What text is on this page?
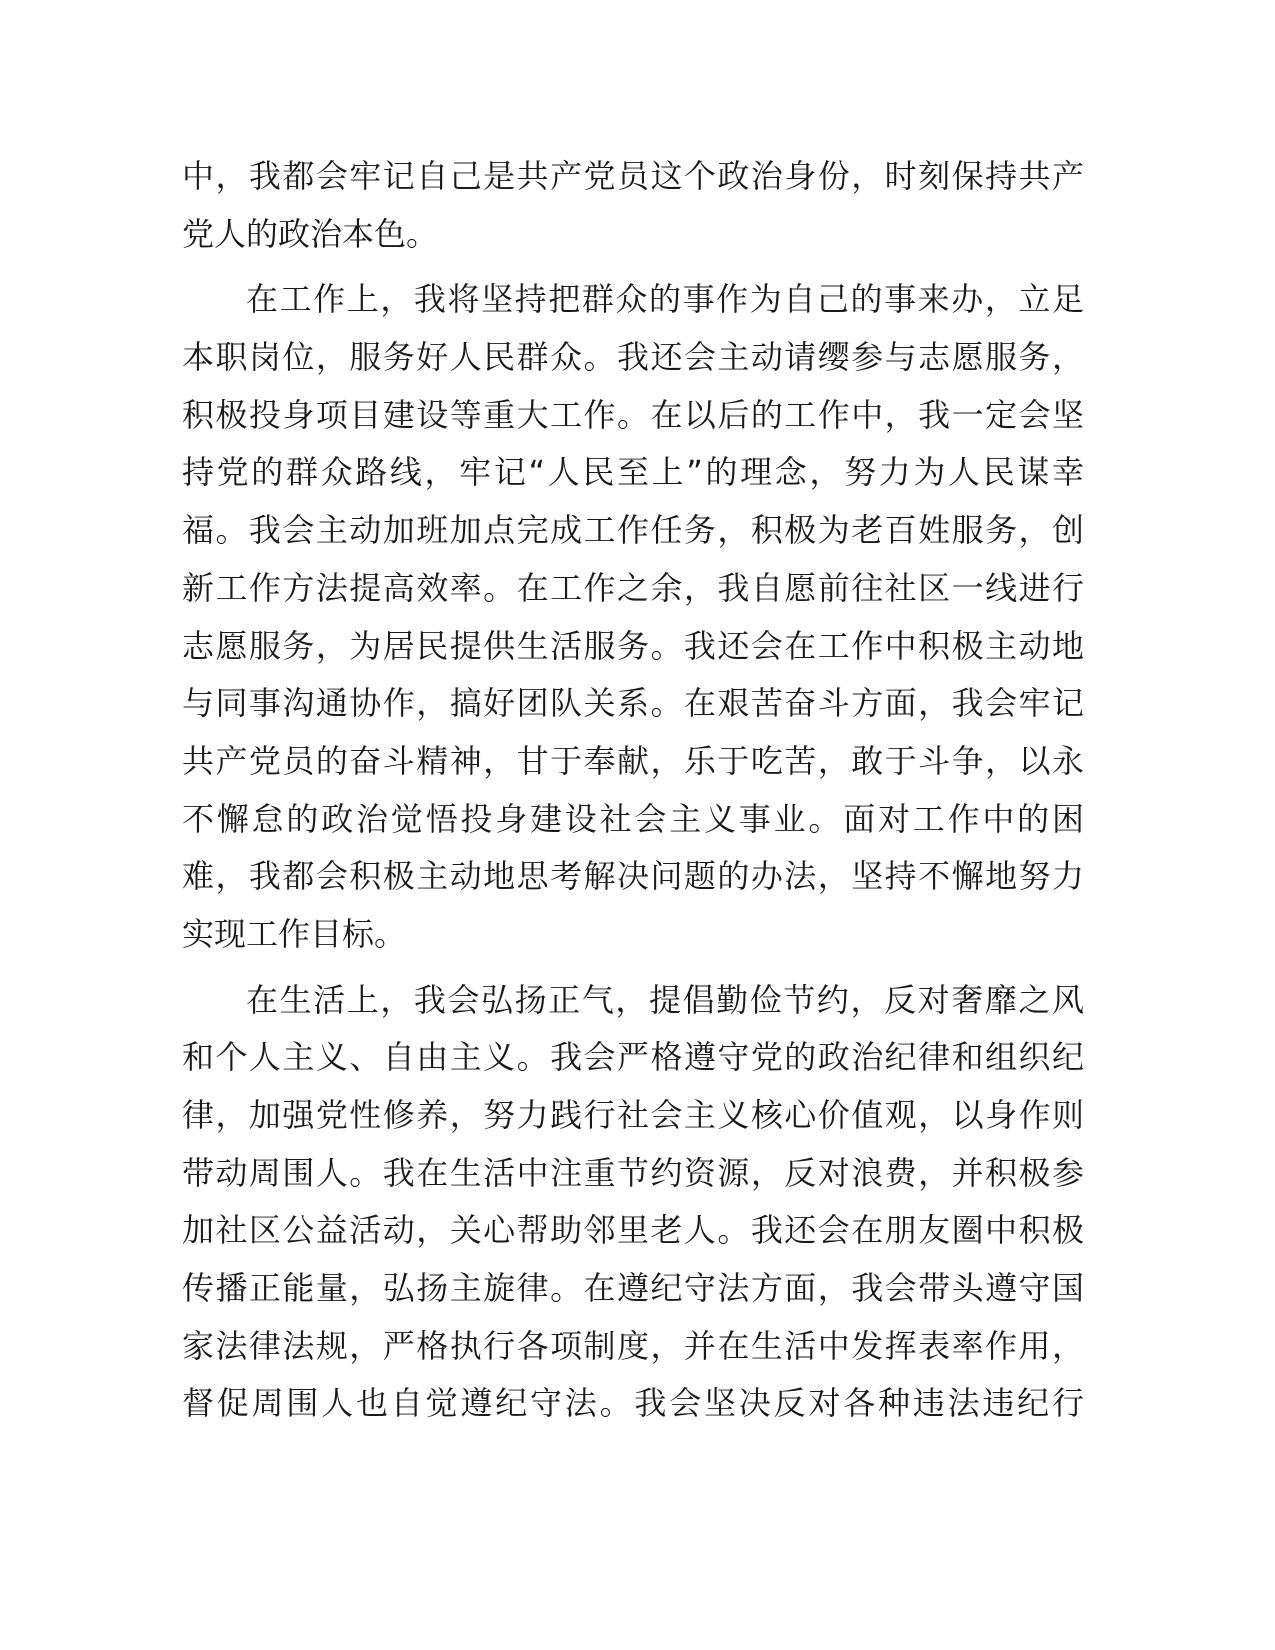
中，我都会牢记自己是共产党员这个政治身份，时刻保持共产
党人的政治本色。
在工作上，我将坚持把群众的事作为自己的事来办，立足
本职岗位，服务好人民群众。我还会主动请缨参与志愿服务，
积极投身项目建设等重大工作。在以后的工作中，我一定会坚
持党的群众路线，牢记“人民至上”的理念，努力为人民谋幸
福。我会主动加班加点完成工作任务，积极为老百姓服务，创
新工作方法提高效率。在工作之余，我自愿前往社区一线进行
志愿服务，为居民提供生活服务。我还会在工作中积极主动地
与同事沟通协作，搞好团队关系。在艰苦奋斗方面，我会牢记
共产党员的奋斗精神，甘于奉献，乐于吃苦，敢于斗争，以永
不懈怠的政治觉悟投身建设社会主义事业。面对工作中的困
难，我都会积极主动地思考解决问题的办法，坚持不懈地努力
实现工作目标。
在生活上，我会弘扬正气，提倡勤俭节约，反对奢靡之风
和个人主义、自由主义。我会严格遵守党的政治纪律和组织纪
律，加强党性修养，努力践行社会主义核心价值观，以身作则
带动周围人。我在生活中注重节约资源，反对浪费，并积极参
加社区公益活动，关心帮助邻里老人。我还会在朋友圈中积极
传播正能量，弘扬主旋律。在遵纪守法方面，我会带头遵守国
家法律法规，严格执行各项制度，并在生活中发挥表率作用，
督促周围人也自觉遵纪守法。我会坚决反对各种违法违纪行
